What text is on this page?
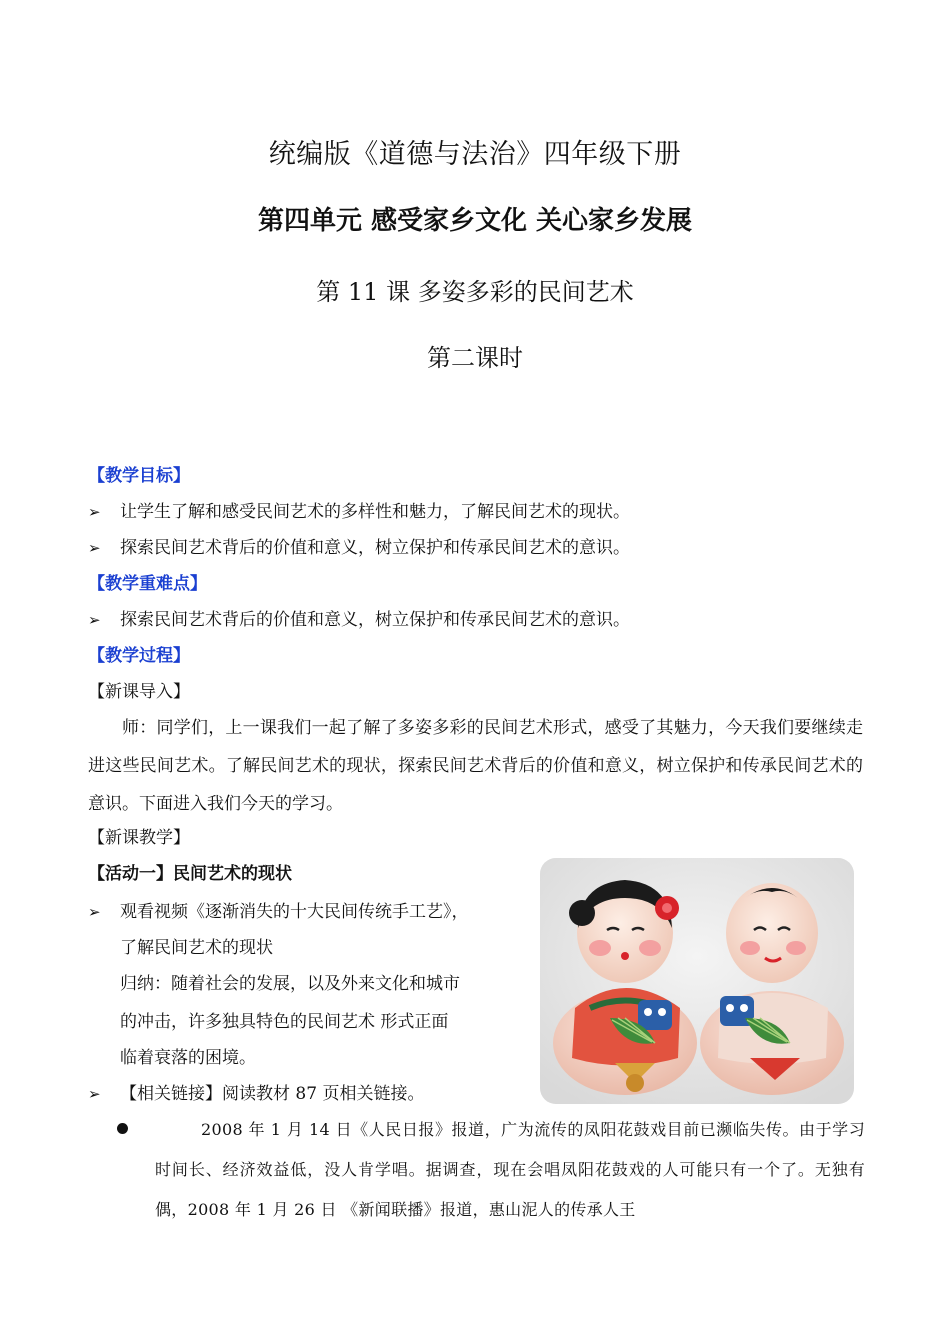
统编版《道德与法治》四年级下册
第四单元 感受家乡文化 关心家乡发展
第 11 课 多姿多彩的民间艺术
第二课时
【教学目标】
➢ 让学生了解和感受民间艺术的多样性和魅力，了解民间艺术的现状。
➢ 探索民间艺术背后的价值和意义，树立保护和传承民间艺术的意识。
【教学重难点】
➢ 探索民间艺术背后的价值和意义，树立保护和传承民间艺术的意识。
【教学过程】
【新课导入】
师：同学们，上一课我们一起了解了多姿多彩的民间艺术形式，感受了其魅力，今天我们要继续走进这些民间艺术。了解民间艺术的现状，探索民间艺术背后的价值和意义，树立保护和传承民间艺术的意识。下面进入我们今天的学习。
【新课教学】
【活动一】民间艺术的现状
➢ 观看视频《逐渐消失的十大民间传统手工艺》，
了解民间艺术的现状
归纳：随着社会的发展，以及外来文化和城市
的冲击，许多独具特色的民间艺术 形式正面
临着衰落的困境。
➢ 【相关链接】阅读教材 87 页相关链接。
2008 年 1 月 14 日《人民日报》报道，广为流传的凤阳花鼓戏目前已濒临失传。由于学习时间长、经济效益低，没人肯学唱。据调查，现在会唱凤阳花鼓戏的人可能只有一个了。无独有偶，2008 年 1 月 26 日 《新闻联播》报道，惠山泥人的传承人王
